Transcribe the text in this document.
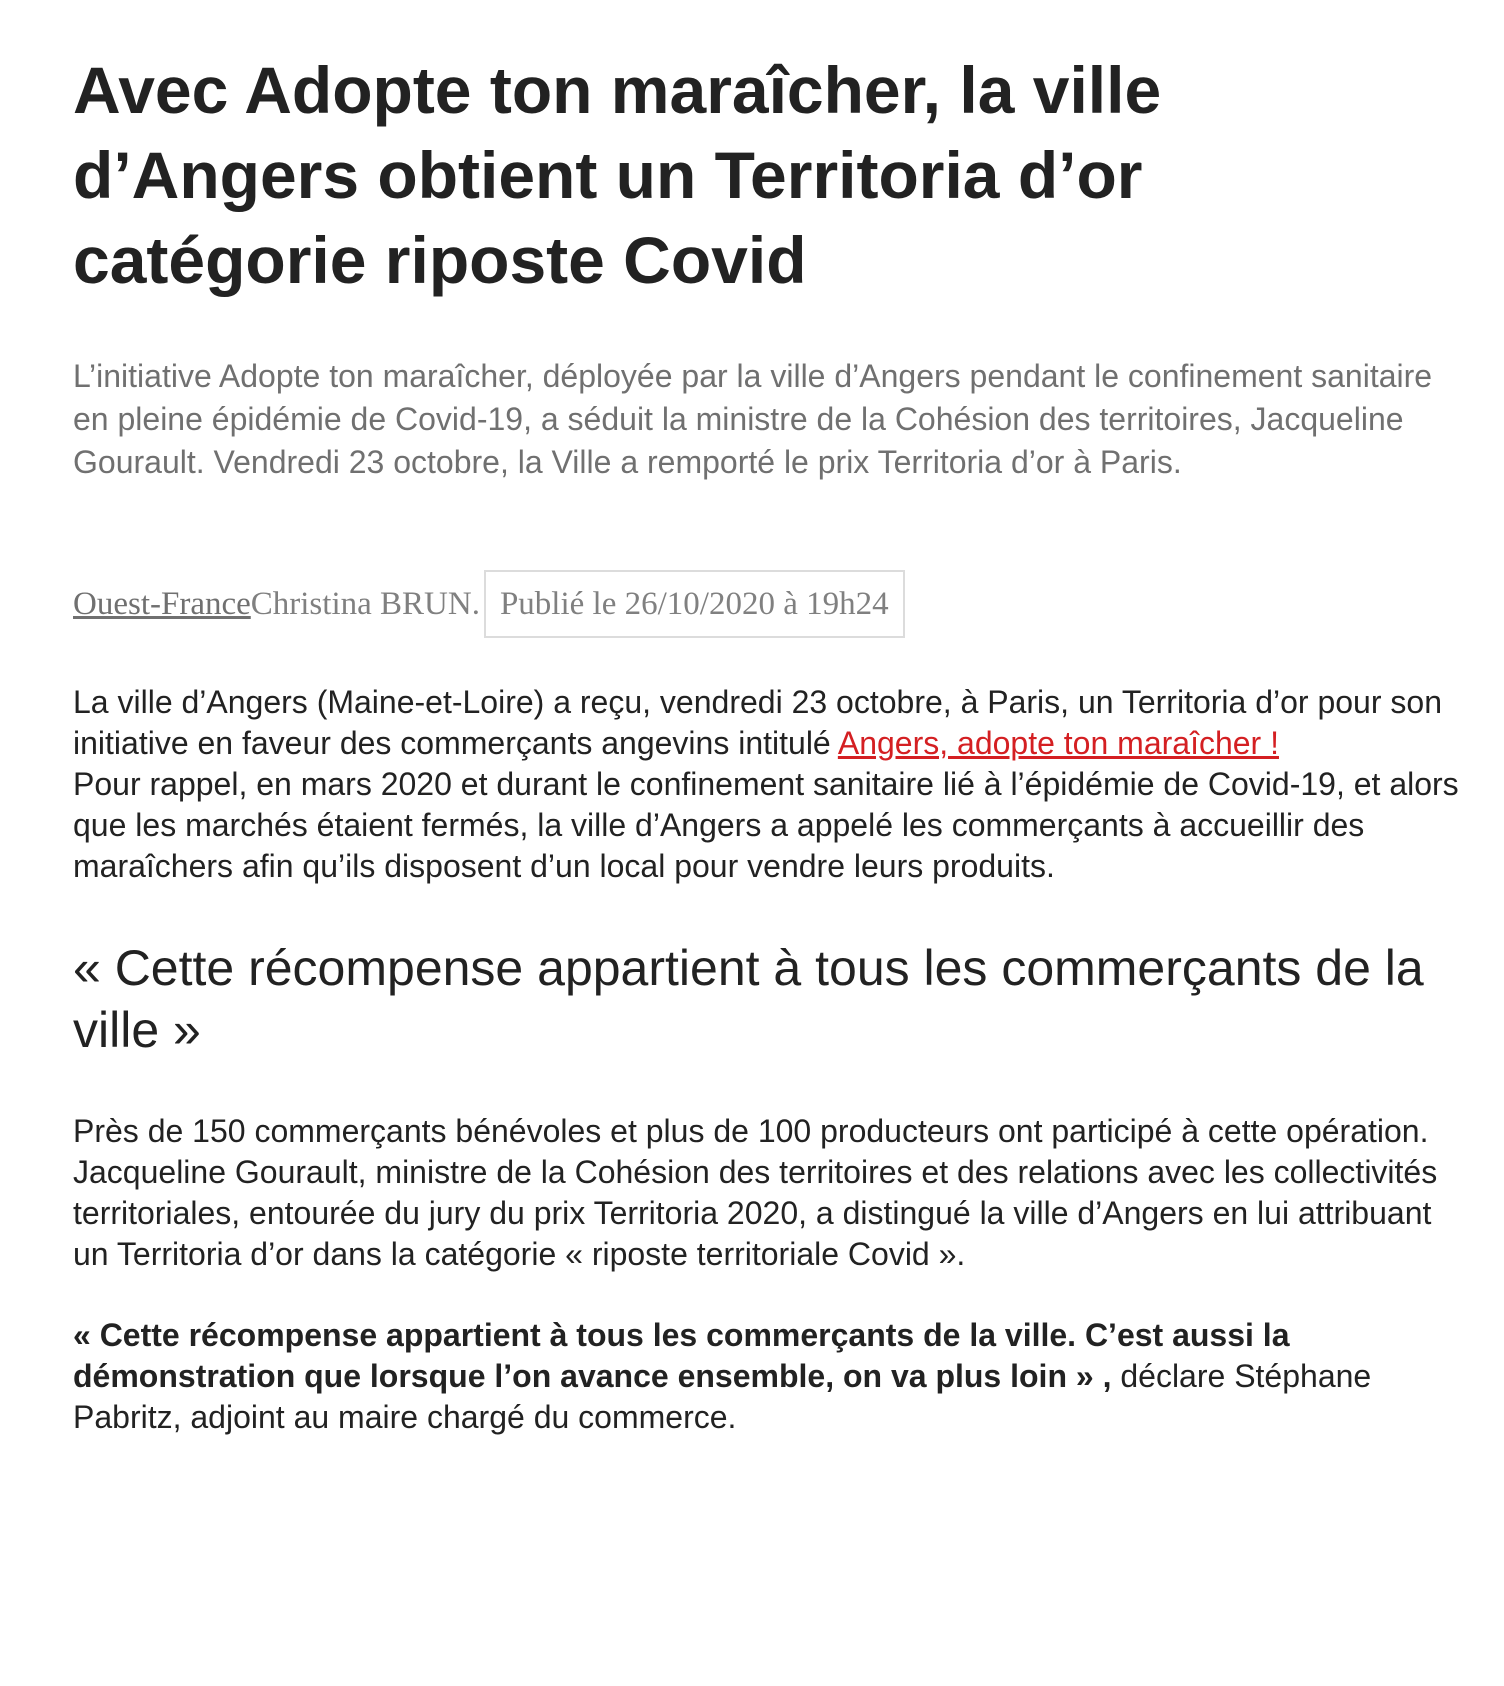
Avec Adopte ton maraîcher, la ville d’Angers obtient un Territoria d’or catégorie riposte Covid

L’initiative Adopte ton maraîcher, déployée par la ville d’Angers pendant le confinement sanitaire en pleine épidémie de Covid-19, a séduit la ministre de la Cohésion des territoires, Jacqueline Gourault. Vendredi 23 octobre, la Ville a remporté le prix Territoria d’or à Paris.

Ouest-France Christina BRUN. Publié le 26/10/2020 à 19h24

La ville d’Angers (Maine-et-Loire) a reçu, vendredi 23 octobre, à Paris, un Territoria d’or pour son initiative en faveur des commerçants angevins intitulé Angers, adopte ton maraîcher !
Pour rappel, en mars 2020 et durant le confinement sanitaire lié à l’épidémie de Covid-19, et alors que les marchés étaient fermés, la ville d’Angers a appelé les commerçants à accueillir des maraîchers afin qu’ils disposent d’un local pour vendre leurs produits.

« Cette récompense appartient à tous les commerçants de la ville »

Près de 150 commerçants bénévoles et plus de 100 producteurs ont participé à cette opération. Jacqueline Gourault, ministre de la Cohésion des territoires et des relations avec les collectivités territoriales, entourée du jury du prix Territoria 2020, a distingué la ville d’Angers en lui attribuant un Territoria d’or dans la catégorie « riposte territoriale Covid ».

« Cette récompense appartient à tous les commerçants de la ville. C’est aussi la démonstration que lorsque l’on avance ensemble, on va plus loin » , déclare Stéphane Pabritz, adjoint au maire chargé du commerce.
